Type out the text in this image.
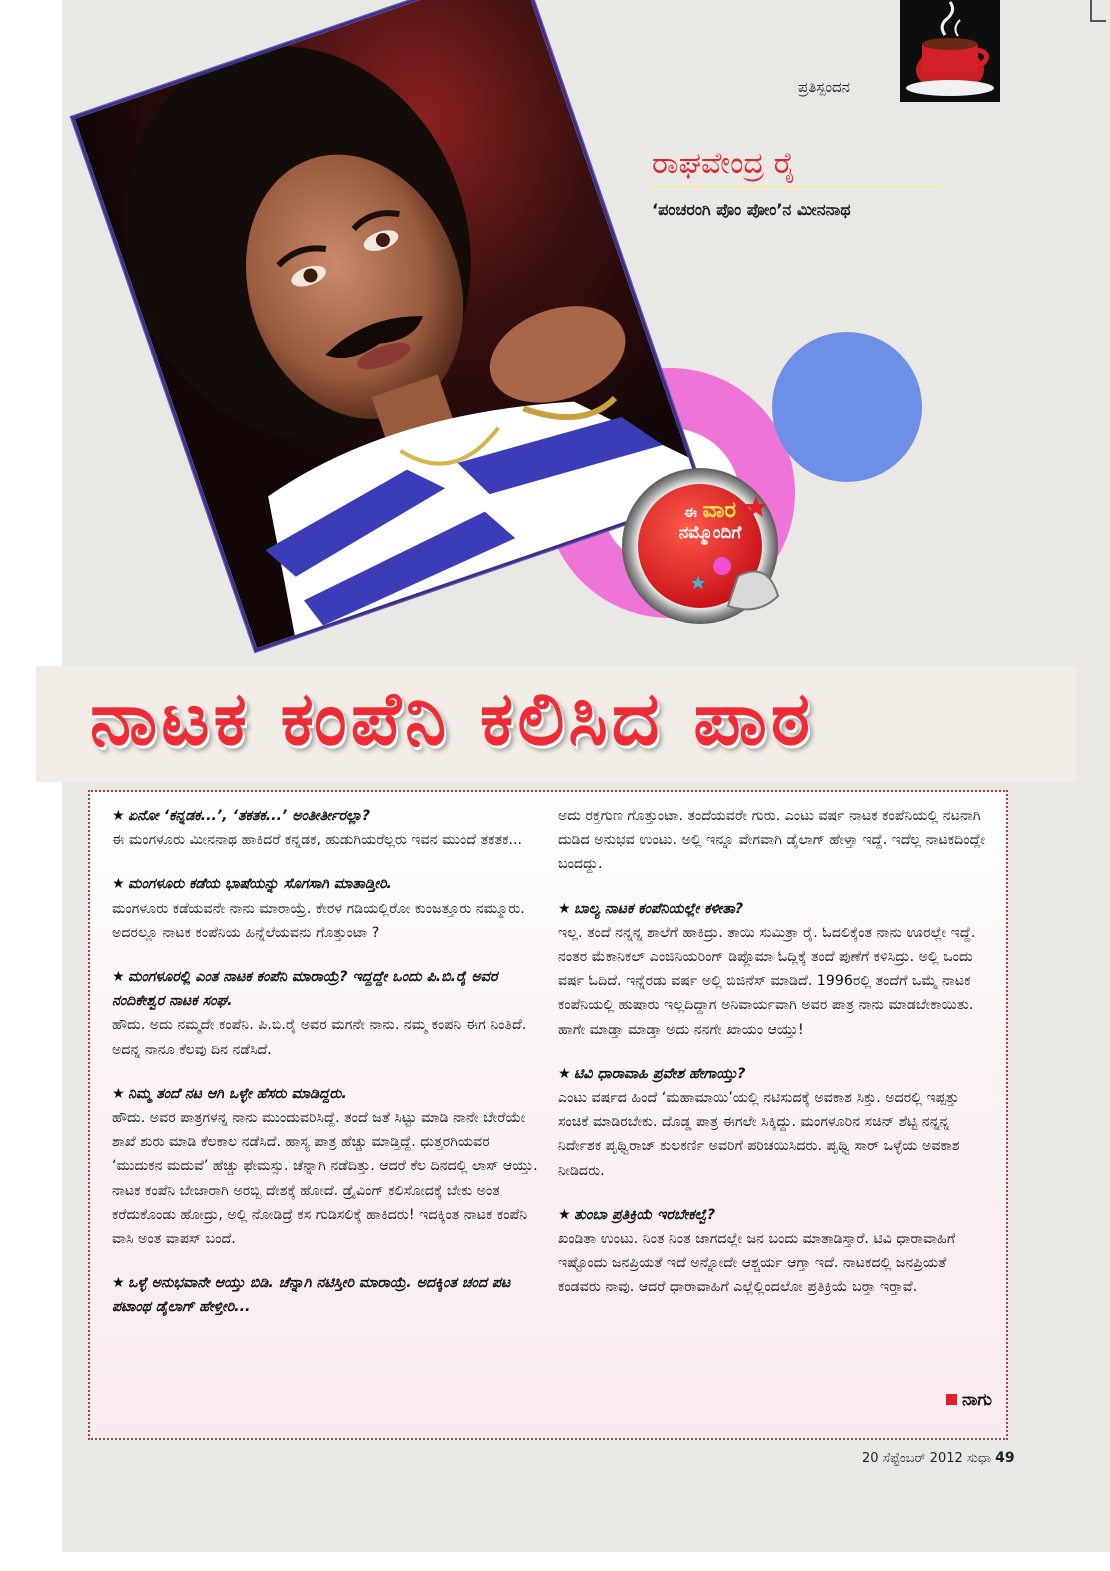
ಈ ವಾರ
ನಮ್ಮೊಂದಿಗೆ
ಪ್ರತಿಸ್ಪಂದನ
ರಾಘವೇಂದ್ರ ರೈ
‘ಪಂಚರಂಗಿ ಪೊಂ ಪೋಂ’ನ ಮೀನನಾಥ
ನಾಟಕ ಕಂಪೆನಿ ಕಲಿಸಿದ ಪಾಠ
★ ಏನೋ ‘ಕನ್ನಡಕ...’, ‘ತಕತಕ...’ ಅಂತೀರ್ತೀರಲ್ಲಾ?
ಈ ಮಂಗಳೂರು ಮೀನನಾಥ ಹಾಕಿದರೆ ಕನ್ನಡಕ, ಹುಡುಗಿಯರೆಲ್ಲರು ಇವನ ಮುಂದೆ ತಕತಕ...
★ ಮಂಗಳೂರು ಕಡೆಯ ಭಾಷೆಯನ್ನು ಸೊಗಸಾಗಿ ಮಾತಾಡ್ತೀರಿ.
ಮಂಗಳೂರು ಕಡೆಯವನೇ ನಾನು ಮಾರಾಯ್ರೆ. ಕೇರಳ ಗಡಿಯಲ್ಲಿರೋ ಕುಂಜತ್ತೂರು ನಮ್ಮೂರು. ಅದರಲ್ಲೂ ನಾಟಕ ಕಂಪೆನಿಯ ಹಿನ್ನೆಲೆಯವನು ಗೊತ್ತುಂಟಾ ?
★ ಮಂಗಳೂರಲ್ಲಿ ಎಂತ ನಾಟಕ ಕಂಪೆನಿ ಮಾರಾಯ್ರೆ? ಇದ್ದದ್ದೇ ಒಂದು ಪಿ.ಬಿ.ರೈ ಅವರ ನಂದಿಕೇಶ್ವರ ನಾಟಕ ಸಂಘ.
ಹೌದು. ಅದು ನಮ್ಮದೇ ಕಂಪೆನಿ. ಪಿ.ಬಿ.ರೈ ಅವರ ಮಗನೇ ನಾನು. ನಮ್ಮ ಕಂಪನಿ ಈಗ ನಿಂತಿದೆ. ಅದನ್ನ ನಾನೂ ಕೆಲವು ದಿನ ನಡೆಸಿದೆ.
★ ನಿಮ್ಮ ತಂದೆ ನಟ ಆಗಿ ಒಳ್ಳೇ ಹೆಸರು ಮಾಡಿದ್ದರು.
ಹೌದು. ಅವರ ಪಾತ್ರಗಳನ್ನ ನಾನು ಮುಂದುವರಿಸಿದ್ದೆ. ತಂದೆ ಜತೆ ಸಿಟ್ಟು ಮಾಡಿ ನಾನೇ ಬೇರೆಯೇ ಶಾಖೆ ಶುರು ಮಾಡಿ ಕೆಲಕಾಲ ನಡೆಸಿದೆ. ಹಾಸ್ಯ ಪಾತ್ರ ಹೆಚ್ಚು ಮಾಡ್ತಿದ್ದೆ. ಧುತ್ತರಗಿಯವರ ‘ಮುದುಕನ ಮದುವೆ’ ಹೆಚ್ಚು ಫೇಮಸ್ಸು. ಚೆನ್ನಾಗಿ ನಡೆದಿತ್ತು. ಆದರೆ ಕೆಲ ದಿನದಲ್ಲಿ ಲಾಸ್ ಆಯ್ತು. ನಾಟಕ ಕಂಪೆನಿ ಬೇಜಾರಾಗಿ ಅರಬ್ಬಿ ದೇಶಕ್ಕೆ ಹೋದೆ. ಡ್ರೈವಿಂಗ್ ಕಲಿಸೋದಕ್ಕೆ ಬೇಕು ಅಂತ ಕರೆದುಕೊಂಡು ಹೋದ್ರು, ಅಲ್ಲಿ ನೋಡಿದ್ರೆ ಕಸ ಗುಡಿಸಲಿಕ್ಕೆ ಹಾಕಿದರು! ಇದಕ್ಕಿಂತ ನಾಟಕ ಕಂಪೆನಿ ವಾಸಿ ಅಂತ ವಾಪಸ್ ಬಂದೆ.
★ ಒಳ್ಳೆ ಅನುಭವಾನೇ ಆಯ್ತು ಬಿಡಿ. ಚೆನ್ನಾಗಿ ನಟಿಸ್ತೀರಿ ಮಾರಾಯ್ರೆ. ಅದಕ್ಕಿಂತ ಚಂದ ಪಟ ಪಟಾಂಥ ಡೈಲಾಗ್ ಹೇಳ್ತೀರಿ...
ಅದು ರಕ್ತಗುಣ ಗೊತ್ತುಂಟಾ. ತಂದೆಯವರೇ ಗುರು. ಎಂಟು ವರ್ಷ ನಾಟಕ ಕಂಪೆನಿಯಲ್ಲಿ ನಟನಾಗಿ ದುಡಿದ ಅನುಭವ ಉಂಟು. ಅಲ್ಲಿ ಇನ್ನೂ ವೇಗವಾಗಿ ಡೈಲಾಗ್ ಹೇಳ್ತಾ ಇದ್ದೆ. ಇದೆಲ್ಲ ನಾಟಕದಿಂದ್ಲೇ ಬಂದದ್ದು.
★ ಬಾಲ್ಯ ನಾಟಕ ಕಂಪೆನಿಯಲ್ಲೇ ಕಳೀತಾ?
ಇಲ್ಲ. ತಂದೆ ನನ್ನನ್ನ ಶಾಲೆಗೆ ಹಾಕಿದ್ರು. ತಾಯಿ ಸುಮಿತ್ರಾ ರೈ. ಓದಲಿಕ್ಕೆಂತ ನಾನು ಊರಲ್ಲೇ ಇದ್ದೆ. ನಂತರ ಮೆಕಾನಿಕಲ್ ಎಂಜಿನಿಯರಿಂಗ್ ಡಿಪ್ಲೊಮಾ ಓದ್ಲಿಕ್ಕೆ ತಂದೆ ಪುಣೆಗೆ ಕಳಿಸಿದ್ರು. ಅಲ್ಲಿ ಒಂದು ವರ್ಷ ಓದಿದೆ. ಇನ್ನೆರಡು ವರ್ಷ ಅಲ್ಲಿ ಬಿಜಿನೆಸ್ ಮಾಡಿದೆ. 1996ರಲ್ಲಿ ತಂದೆಗೆ ಒಮ್ಮೆ ನಾಟಕ ಕಂಪೆನಿಯಲ್ಲಿ ಹುಷಾರು ಇಲ್ಲದಿದ್ದಾಗ ಅನಿವಾರ್ಯವಾಗಿ ಅವರ ಪಾತ್ರ ನಾನು ಮಾಡಬೇಕಾಯಿತು. ಹಾಗೇ ಮಾಡ್ತಾ ಮಾಡ್ತಾ ಅದು ನನಗೇ ಖಾಯಂ ಆಯ್ತು!
★ ಟಿವಿ ಧಾರಾವಾಹಿ ಪ್ರವೇಶ ಹೇಗಾಯ್ತು?
ಎಂಟು ವರ್ಷದ ಹಿಂದೆ ‘ಮಹಾಮಾಯಿ’ಯಲ್ಲಿ ನಟಿಸುದಕ್ಕೆ ಅವಕಾಶ ಸಿಕ್ತು. ಅದರಲ್ಲಿ ಇಪ್ಪತ್ತು ಸಂಚಿಕೆ ಮಾಡಿರಬೇಕು. ದೊಡ್ಡ ಪಾತ್ರ ಈಗಲೇ ಸಿಕ್ಕಿದ್ದು. ಮಂಗಳೂರಿನ ಸಚಿನ್ ಶೆಟ್ಟಿ ನನ್ನನ್ನ ನಿರ್ದೇಶಕ ಪೃಥ್ವಿರಾಜ್ ಕುಲಕರ್ಣಿ ಅವರಿಗೆ ಪರಿಚಯಿಸಿದರು. ಪೃಥ್ವಿ ಸಾರ್ ಒಳ್ಳೆಯ ಅವಕಾಶ ನೀಡಿದರು.
★ ತುಂಬಾ ಪ್ರತಿಕ್ರಿಯೆ ಇರಬೇಕಲ್ವೆ?
ಖಂಡಿತಾ ಉಂಟು. ನಿಂತ ನಿಂತ ಜಾಗದಲ್ಲೇ ಜನ ಬಂದು ಮಾತಾಡಿಸ್ತಾರೆ. ಟಿವಿ ಧಾರಾವಾಹಿಗೆ ಇಷ್ಟೊಂದು ಜನಪ್ರಿಯತೆ ಇದೆ ಅನ್ನೋದೇ ಆಶ್ಚರ್ಯ ಆಗ್ತಾ ಇದೆ. ನಾಟಕದಲ್ಲಿ ಜನಪ್ರಿಯತೆ ಕಂಡವರು ನಾವು. ಆದರೆ ಧಾರಾವಾಹಿಗೆ ಎಲ್ಲೆಲ್ಲಿಂದಲೋ ಪ್ರತಿಕ್ರಿಯೆ ಬರ್‍ತಾ ಇರ್‍ತಾವೆ.
ನಾಗು
20 ಸೆಪ್ಟೆಂಬರ್ 2012 ಸುಧಾ 49
